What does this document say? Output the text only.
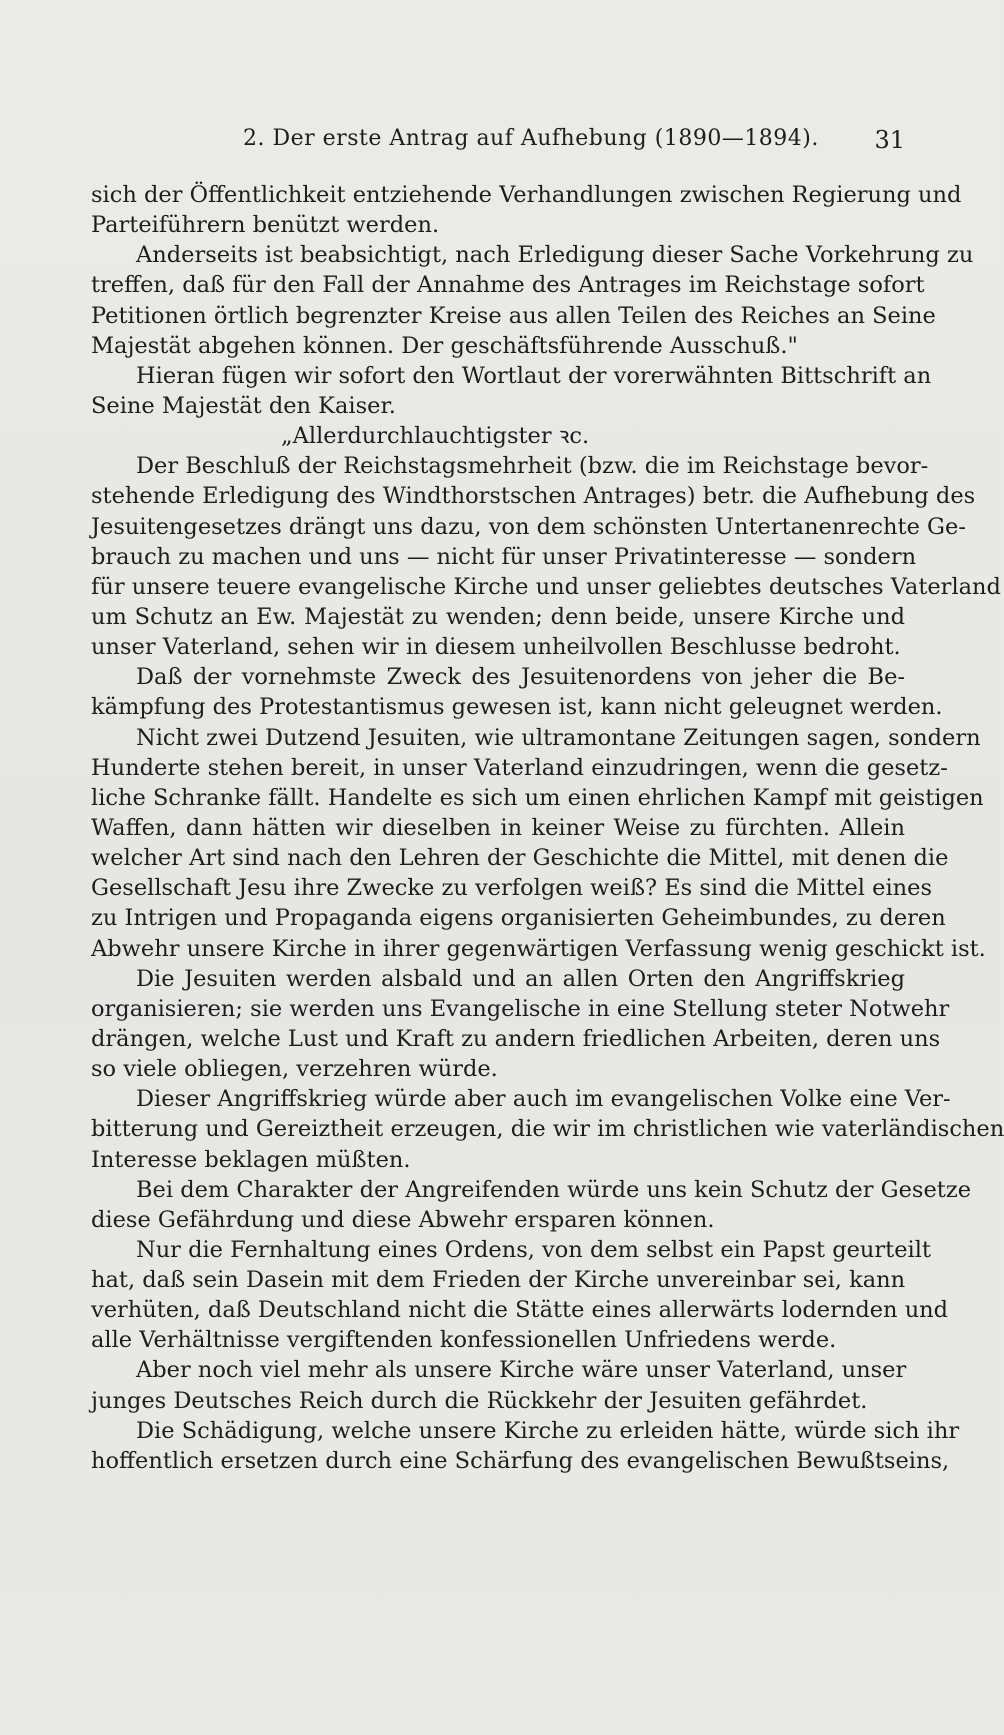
2. Der erste Antrag auf Aufhebung (1890—1894). 31
sich der Öffentlichkeit entziehende Verhandlungen zwischen Regierung und
Parteiführern benützt werden.
Anderseits ist beabsichtigt, nach Erledigung dieser Sache Vorkehrung zu
treffen, daß für den Fall der Annahme des Antrages im Reichstage sofort
Petitionen örtlich begrenzter Kreise aus allen Teilen des Reiches an Seine
Majestät abgehen können. Der geschäftsführende Ausschuß."
Hieran fügen wir sofort den Wortlaut der vorerwähnten Bittschrift an
Seine Majestät den Kaiser.
„Allerdurchlauchtigster ꝛc.
Der Beschluß der Reichstagsmehrheit (bzw. die im Reichstage bevor-
stehende Erledigung des Windthorstschen Antrages) betr. die Aufhebung des
Jesuitengesetzes drängt uns dazu, von dem schönsten Untertanenrechte Ge-
brauch zu machen und uns — nicht für unser Privatinteresse — sondern
für unsere teuere evangelische Kirche und unser geliebtes deutsches Vaterland
um Schutz an Ew. Majestät zu wenden; denn beide, unsere Kirche und
unser Vaterland, sehen wir in diesem unheilvollen Beschlusse bedroht.
Daß der vornehmste Zweck des Jesuitenordens von jeher die Be-
kämpfung des Protestantismus gewesen ist, kann nicht geleugnet werden.
Nicht zwei Dutzend Jesuiten, wie ultramontane Zeitungen sagen, sondern
Hunderte stehen bereit, in unser Vaterland einzudringen, wenn die gesetz-
liche Schranke fällt. Handelte es sich um einen ehrlichen Kampf mit geistigen
Waffen, dann hätten wir dieselben in keiner Weise zu fürchten. Allein
welcher Art sind nach den Lehren der Geschichte die Mittel, mit denen die
Gesellschaft Jesu ihre Zwecke zu verfolgen weiß? Es sind die Mittel eines
zu Intrigen und Propaganda eigens organisierten Geheimbundes, zu deren
Abwehr unsere Kirche in ihrer gegenwärtigen Verfassung wenig geschickt ist.
Die Jesuiten werden alsbald und an allen Orten den Angriffskrieg
organisieren; sie werden uns Evangelische in eine Stellung steter Notwehr
drängen, welche Lust und Kraft zu andern friedlichen Arbeiten, deren uns
so viele obliegen, verzehren würde.
Dieser Angriffskrieg würde aber auch im evangelischen Volke eine Ver-
bitterung und Gereiztheit erzeugen, die wir im christlichen wie vaterländischen
Interesse beklagen müßten.
Bei dem Charakter der Angreifenden würde uns kein Schutz der Gesetze
diese Gefährdung und diese Abwehr ersparen können.
Nur die Fernhaltung eines Ordens, von dem selbst ein Papst geurteilt
hat, daß sein Dasein mit dem Frieden der Kirche unvereinbar sei, kann
verhüten, daß Deutschland nicht die Stätte eines allerwärts lodernden und
alle Verhältnisse vergiftenden konfessionellen Unfriedens werde.
Aber noch viel mehr als unsere Kirche wäre unser Vaterland, unser
junges Deutsches Reich durch die Rückkehr der Jesuiten gefährdet.
Die Schädigung, welche unsere Kirche zu erleiden hätte, würde sich ihr
hoffentlich ersetzen durch eine Schärfung des evangelischen Bewußtseins,
